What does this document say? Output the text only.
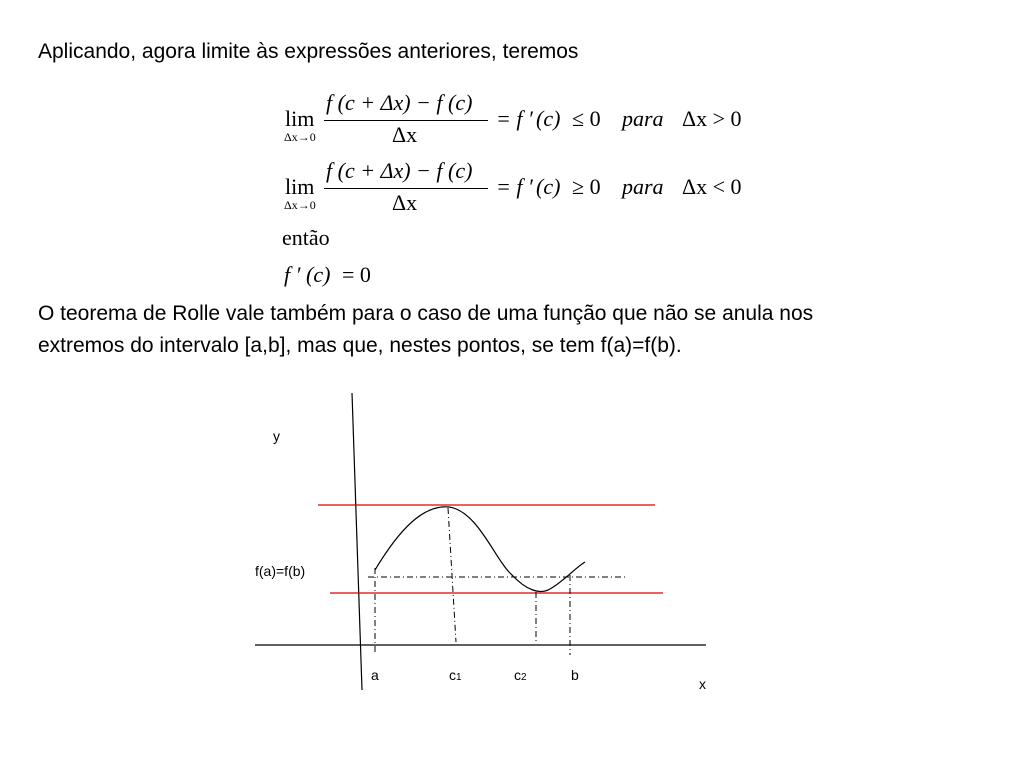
Aplicando, agora limite às expressões anteriores, teremos
lim
Δx→0
f (c + Δx) − f (c)
Δx
= f ′ (c) ≤ 0 para Δx > 0
lim
Δx→0
f (c + Δx) − f (c)
Δx
= f ′ (c) ≥ 0 para Δx < 0
então
f ′ (c) = 0
O teorema de Rolle vale também para o caso de uma função que não se anula nos
extremos do intervalo [a,b], mas que, nestes pontos, se tem f(a)=f(b).
y
x
f(a)=f(b)
a	c1	c2	b
